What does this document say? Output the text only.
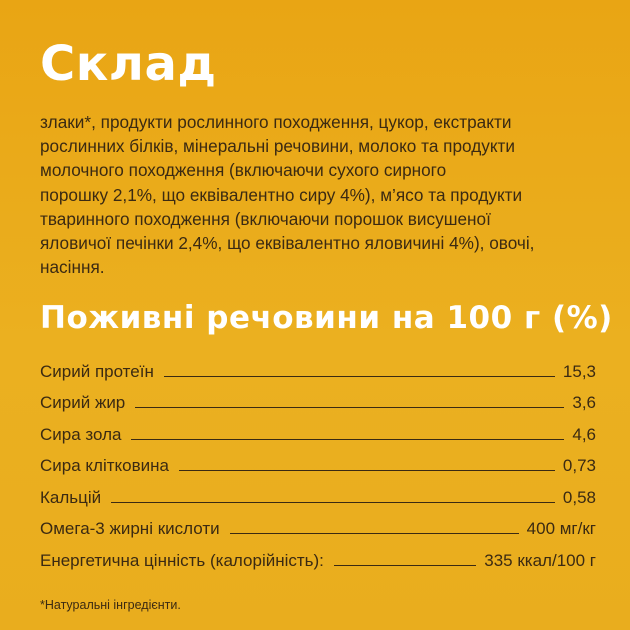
Склад
злаки*, продукти рослинного походження, цукор, екстракти
рослинних білків, мінеральні речовини, молоко та продукти
молочного походження (включаючи сухого сирного
порошку 2,1%, що еквівалентно сиру 4%), м’ясо та продукти
тваринного походження (включаючи порошок висушеної
яловичої печінки 2,4%, що еквівалентно яловичині 4%), овочі,
насіння.
Поживні речовини на 100 г (%)
Сирий протеїн	15,3
Сирий жир	3,6
Сира зола	4,6
Сира клітковина	0,73
Кальцій	0,58
Омега-3 жирні кислоти	400 мг/кг
Енергетична цінність (калорійність):	335 ккал/100 г
*Натуральні інгредієнти.
